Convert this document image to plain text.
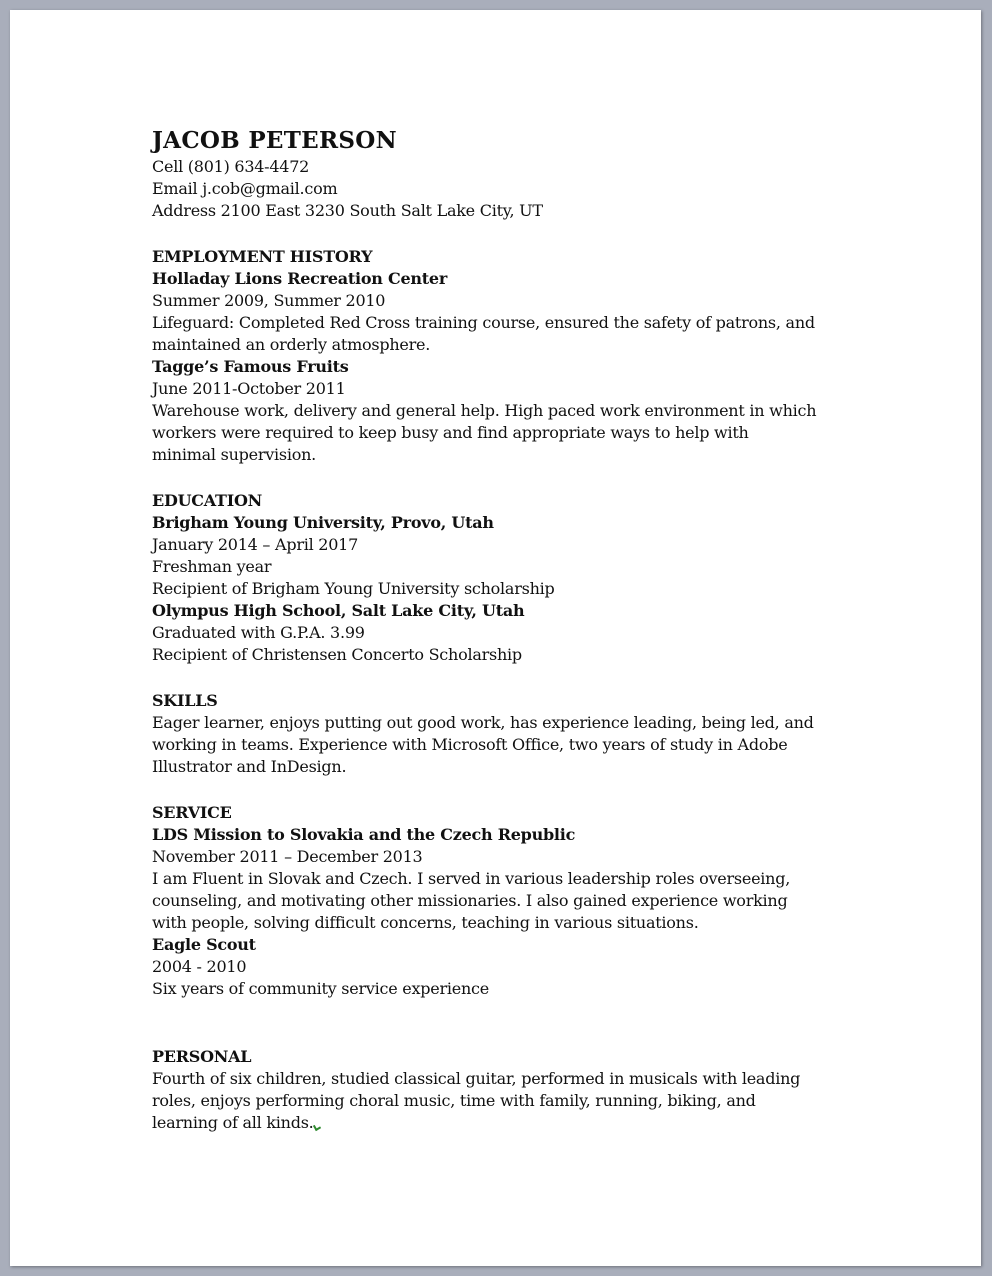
JACOB PETERSON
Cell (801) 634-4472
Email j.cob@gmail.com
Address 2100 East 3230 South Salt Lake City, UT
EMPLOYMENT HISTORY
Holladay Lions Recreation Center
Summer 2009, Summer 2010
Lifeguard: Completed Red Cross training course, ensured the safety of patrons, and
maintained an orderly atmosphere.
Tagge’s Famous Fruits
June 2011-October 2011
Warehouse work, delivery and general help. High paced work environment in which
workers were required to keep busy and find appropriate ways to help with
minimal supervision.
EDUCATION
Brigham Young University, Provo, Utah
January 2014 – April 2017
Freshman year
Recipient of Brigham Young University scholarship
Olympus High School, Salt Lake City, Utah
Graduated with G.P.A. 3.99
Recipient of Christensen Concerto Scholarship
SKILLS
Eager learner, enjoys putting out good work, has experience leading, being led, and
working in teams. Experience with Microsoft Office, two years of study in Adobe
Illustrator and InDesign.
SERVICE
LDS Mission to Slovakia and the Czech Republic
November 2011 – December 2013
I am Fluent in Slovak and Czech. I served in various leadership roles overseeing,
counseling, and motivating other missionaries. I also gained experience working
with people, solving difficult concerns, teaching in various situations.
Eagle Scout
2004 - 2010
Six years of community service experience
PERSONAL
Fourth of six children, studied classical guitar, performed in musicals with leading
roles, enjoys performing choral music, time with family, running, biking, and
learning of all kinds.
